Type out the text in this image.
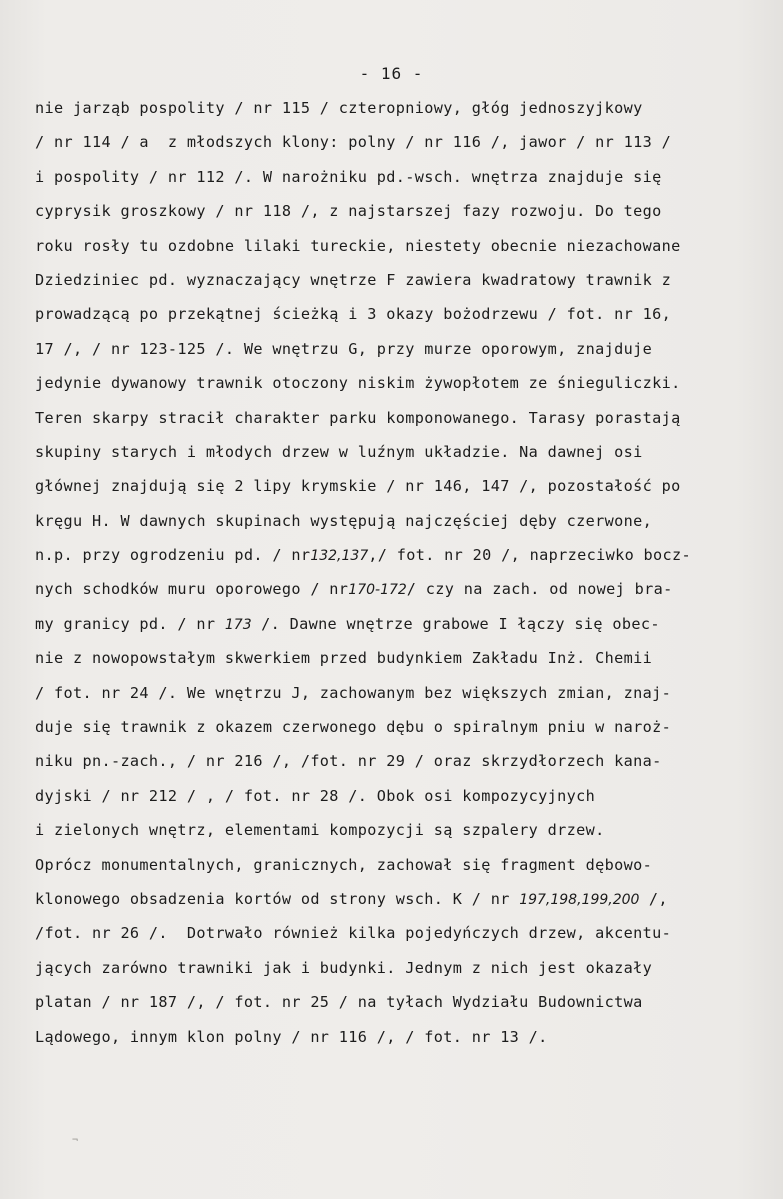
- 16 -
nie jarząb pospolity / nr 115 / czteropniowy, głóg jednoszyjkowy
/ nr 114 / a  z młodszych klony: polny / nr 116 /, jawor / nr 113 /
i pospolity / nr 112 /. W narożniku pd.-wsch. wnętrza znajduje się
cyprysik groszkowy / nr 118 /, z najstarszej fazy rozwoju. Do tego
roku rosły tu ozdobne lilaki tureckie, niestety obecnie niezachowane
Dziedziniec pd. wyznaczający wnętrze F zawiera kwadratowy trawnik z
prowadzącą po przekątnej ścieżką i 3 okazy bożodrzewu / fot. nr 16,
17 /, / nr 123-125 /. We wnętrzu G, przy murze oporowym, znajduje
jedynie dywanowy trawnik otoczony niskim żywopłotem ze śnieguliczki.
Teren skarpy stracił charakter parku komponowanego. Tarasy porastają
skupiny starych i młodych drzew w luźnym układzie. Na dawnej osi
głównej znajdują się 2 lipy krymskie / nr 146, 147 /, pozostałość po
kręgu H. W dawnych skupinach występują najczęściej dęby czerwone,
n.p. przy ogrodzeniu pd. / nr132,137,/ fot. nr 20 /, naprzeciwko bocz-
nych schodków muru oporowego / nr170-172/ czy na zach. od nowej bra-
my granicy pd. / nr 173 /. Dawne wnętrze grabowe I łączy się obec-
nie z nowopowstałym skwerkiem przed budynkiem Zakładu Inż. Chemii
/ fot. nr 24 /. We wnętrzu J, zachowanym bez większych zmian, znaj-
duje się trawnik z okazem czerwonego dębu o spiralnym pniu w naroż-
niku pn.-zach., / nr 216 /, /fot. nr 29 / oraz skrzydłorzech kana-
dyjski / nr 212 / , / fot. nr 28 /. Obok osi kompozycyjnych
i zielonych wnętrz, elementami kompozycji są szpalery drzew.
Oprócz monumentalnych, granicznych, zachował się fragment dębowo-
klonowego obsadzenia kortów od strony wsch. K / nr 197,198,199,200 /,
/fot. nr 26 /.  Dotrwało również kilka pojedyńczych drzew, akcentu-
jących zarówno trawniki jak i budynki. Jednym z nich jest okazały
platan / nr 187 /, / fot. nr 25 / na tyłach Wydziału Budownictwa
Lądowego, innym klon polny / nr 116 /, / fot. nr 13 /.
¬
